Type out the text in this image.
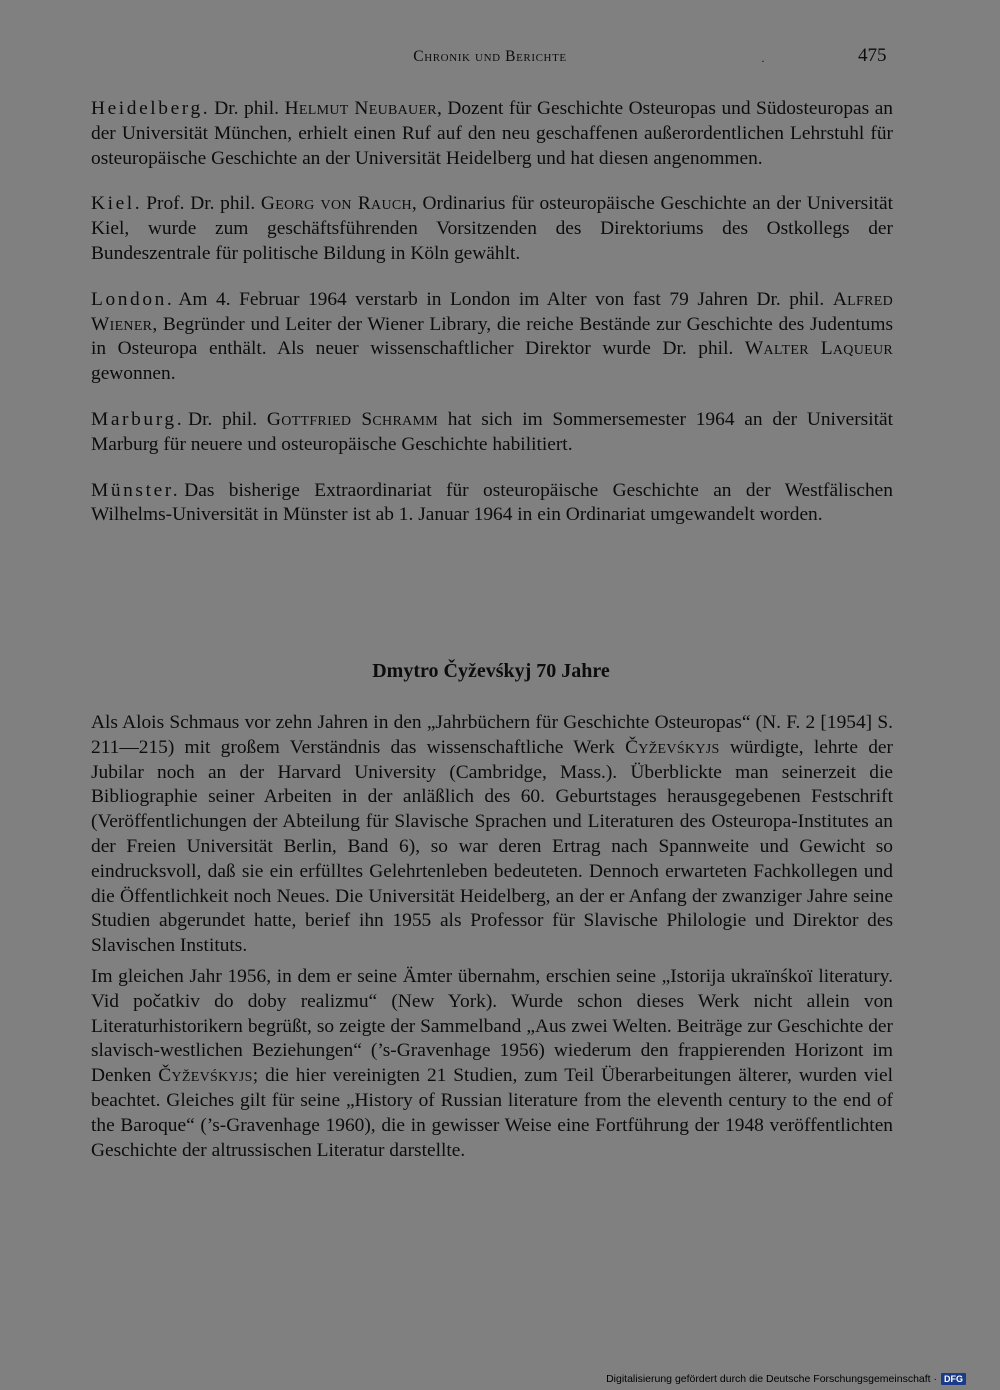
Chronik und Berichte	·	475

Heidelberg. Dr. phil. Helmut Neubauer, Dozent für Geschichte Osteuropas und Südosteuropas an der Universität München, erhielt einen Ruf auf den neu geschaffenen außerordentlichen Lehrstuhl für osteuropäische Geschichte an der Universität Heidelberg und hat diesen angenommen.

Kiel. Prof. Dr. phil. Georg von Rauch, Ordinarius für osteuropäische Geschichte an der Universität Kiel, wurde zum geschäftsführenden Vorsitzenden des Direktoriums des Ostkollegs der Bundeszentrale für politische Bildung in Köln gewählt.

London. Am 4. Februar 1964 verstarb in London im Alter von fast 79 Jahren Dr. phil. Alfred Wiener, Begründer und Leiter der Wiener Library, die reiche Bestände zur Geschichte des Judentums in Osteuropa enthält. Als neuer wissenschaftlicher Direktor wurde Dr. phil. Walter Laqueur gewonnen.

Marburg. Dr. phil. Gottfried Schramm hat sich im Sommersemester 1964 an der Universität Marburg für neuere und osteuropäische Geschichte habilitiert.

Münster. Das bisherige Extraordinariat für osteuropäische Geschichte an der Westfälischen Wilhelms-Universität in Münster ist ab 1. Januar 1964 in ein Ordinariat umgewandelt worden.

Dmytro Čyževśkyj 70 Jahre

Als Alois Schmaus vor zehn Jahren in den „Jahrbüchern für Geschichte Osteuropas“ (N. F. 2 [1954] S. 211—215) mit großem Verständnis das wissenschaftliche Werk Čyževśkyjs würdigte, lehrte der Jubilar noch an der Harvard University (Cambridge, Mass.). Überblickte man seinerzeit die Bibliographie seiner Arbeiten in der anläßlich des 60. Geburtstages herausgegebenen Festschrift (Veröffentlichungen der Abteilung für Slavische Sprachen und Literaturen des Osteuropa-Institutes an der Freien Universität Berlin, Band 6), so war deren Ertrag nach Spannweite und Gewicht so eindrucksvoll, daß sie ein erfülltes Gelehrtenleben bedeuteten. Dennoch erwarteten Fachkollegen und die Öffentlichkeit noch Neues. Die Universität Heidelberg, an der er Anfang der zwanziger Jahre seine Studien abgerundet hatte, berief ihn 1955 als Professor für Slavische Philologie und Direktor des Slavischen Instituts.

Im gleichen Jahr 1956, in dem er seine Ämter übernahm, erschien seine „Istorija ukraïnśkoï literatury. Vid počatkiv do doby realizmu“ (New York). Wurde schon dieses Werk nicht allein von Literaturhistorikern begrüßt, so zeigte der Sammelband „Aus zwei Welten. Beiträge zur Geschichte der slavisch-westlichen Beziehungen“ (’s-Gravenhage 1956) wiederum den frappierenden Horizont im Denken Čyževśkyjs; die hier vereinigten 21 Studien, zum Teil Überarbeitungen älterer, wurden viel beachtet. Gleiches gilt für seine „History of Russian literature from the eleventh century to the end of the Baroque“ (’s-Gravenhage 1960), die in gewisser Weise eine Fortführung der 1948 veröffentlichten Geschichte der altrussischen Literatur darstellte.

Digitalisierung gefördert durch die Deutsche Forschungsgemeinschaft · DFG
